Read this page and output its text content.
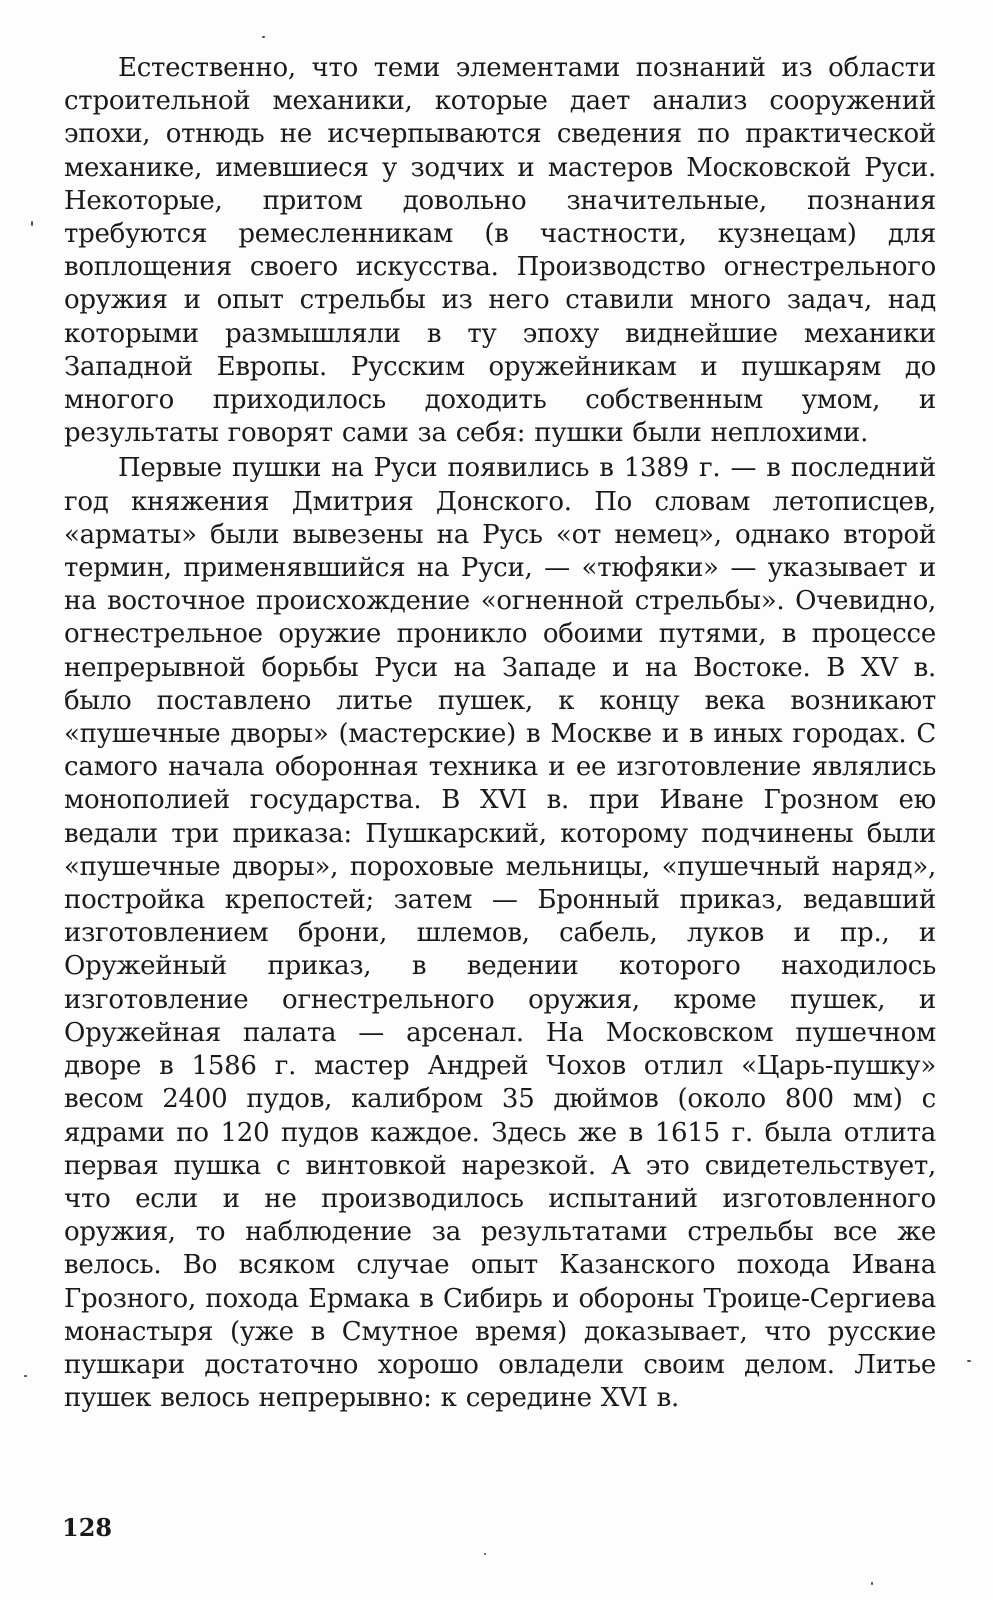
Естественно, что теми элементами познаний из области строительной механики, которые дает анализ сооружений эпохи, отнюдь не исчерпываются сведения по практической механике, имевшиеся у зодчих и мастеров Московской Руси. Некоторые, притом довольно значительные, познания требуются ремесленникам (в частности, кузнецам) для воплощения своего искусства. Производство огнестрельного оружия и опыт стрельбы из него ставили много задач, над которыми размышляли в ту эпоху виднейшие механики Западной Европы. Русским оружейникам и пушкарям до многого приходилось доходить собственным умом, и результаты говорят сами за себя: пушки были неплохими.

Первые пушки на Руси появились в 1389 г. — в последний год княжения Дмитрия Донского. По словам летописцев, «арматы» были вывезены на Русь «от немец», однако второй термин, применявшийся на Руси, — «тюфяки» — указывает и на восточное происхождение «огненной стрельбы». Очевидно, огнестрельное оружие проникло обоими путями, в процессе непрерывной борьбы Руси на Западе и на Востоке. В XV в. было поставлено литье пушек, к концу века возникают «пушечные дворы» (мастерские) в Москве и в иных городах. С самого начала оборонная техника и ее изготовление являлись монополией государства. В XVI в. при Иване Грозном ею ведали три приказа: Пушкарский, которому подчинены были «пушечные дворы», пороховые мельницы, «пушечный наряд», постройка крепостей; затем — Бронный приказ, ведавший изготовлением брони, шлемов, сабель, луков и пр., и Оружейный приказ, в ведении которого находилось изготовление огнестрельного оружия, кроме пушек, и Оружейная палата — арсенал. На Московском пушечном дворе в 1586 г. мастер Андрей Чохов отлил «Царь-пушку» весом 2400 пудов, калибром 35 дюймов (около 800 мм) с ядрами по 120 пудов каждое. Здесь же в 1615 г. была отлита первая пушка с винтовкой нарезкой. А это свидетельствует, что если и не производилось испытаний изготовленного оружия, то наблюдение за результатами стрельбы все же велось. Во всяком случае опыт Казанского похода Ивана Грозного, похода Ермака в Сибирь и обороны Троице-Сергиева монастыря (уже в Смутное время) доказывает, что русские пушкари достаточно хорошо овладели своим делом. Литье пушек велось непрерывно: к середине XVI в.

128
